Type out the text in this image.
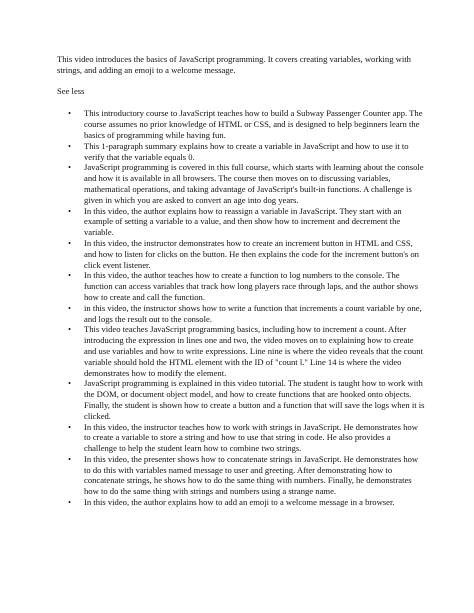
This video introduces the basics of JavaScript programming. It covers creating variables, working with strings, and adding an emoji to a welcome message.

See less

• This introductory course to JavaScript teaches how to build a Subway Passenger Counter app. The course assumes no prior knowledge of HTML or CSS, and is designed to help beginners learn the basics of programming while having fun.
• This 1-paragraph summary explains how to create a variable in JavaScript and how to use it to verify that the variable equals 0.
• JavaScript programming is covered in this full course, which starts with learning about the console and how it is available in all browsers. The course then moves on to discussing variables, mathematical operations, and taking advantage of JavaScript's built-in functions. A challenge is given in which you are asked to convert an age into dog years.
• In this video, the author explains how to reassign a variable in JavaScript. They start with an example of setting a variable to a value, and then show how to increment and decrement the variable.
• In this video, the instructor demonstrates how to create an increment button in HTML and CSS, and how to listen for clicks on the button. He then explains the code for the increment button's on click event listener.
• In this video, the author teaches how to create a function to log numbers to the console. The function can access variables that track how long players race through laps, and the author shows how to create and call the function.
• in this video, the instructor shows how to write a function that increments a count variable by one, and logs the result out to the console.
• This video teaches JavaScript programming basics, including how to increment a count. After introducing the expression in lines one and two, the video moves on to explaining how to create and use variables and how to write expressions. Line nine is where the video reveals that the count variable should hold the HTML element with the ID of "count l." Line 14 is where the video demonstrates how to modify the element.
• JavaScript programming is explained in this video tutorial. The student is taught how to work with the DOM, or document object model, and how to create functions that are hooked onto objects. Finally, the student is shown how to create a button and a function that will save the logs when it is clicked.
• In this video, the instructor teaches how to work with strings in JavaScript. He demonstrates how to create a variable to store a string and how to use that string in code. He also provides a challenge to help the student learn how to combine two strings.
• In this video, the presenter shows how to concatenate strings in JavaScript. He demonstrates how to do this with variables named message to user and greeting. After demonstrating how to concatenate strings, he shows how to do the same thing with numbers. Finally, he demonstrates how to do the same thing with strings and numbers using a strange name.
• In this video, the author explains how to add an emoji to a welcome message in a browser.
